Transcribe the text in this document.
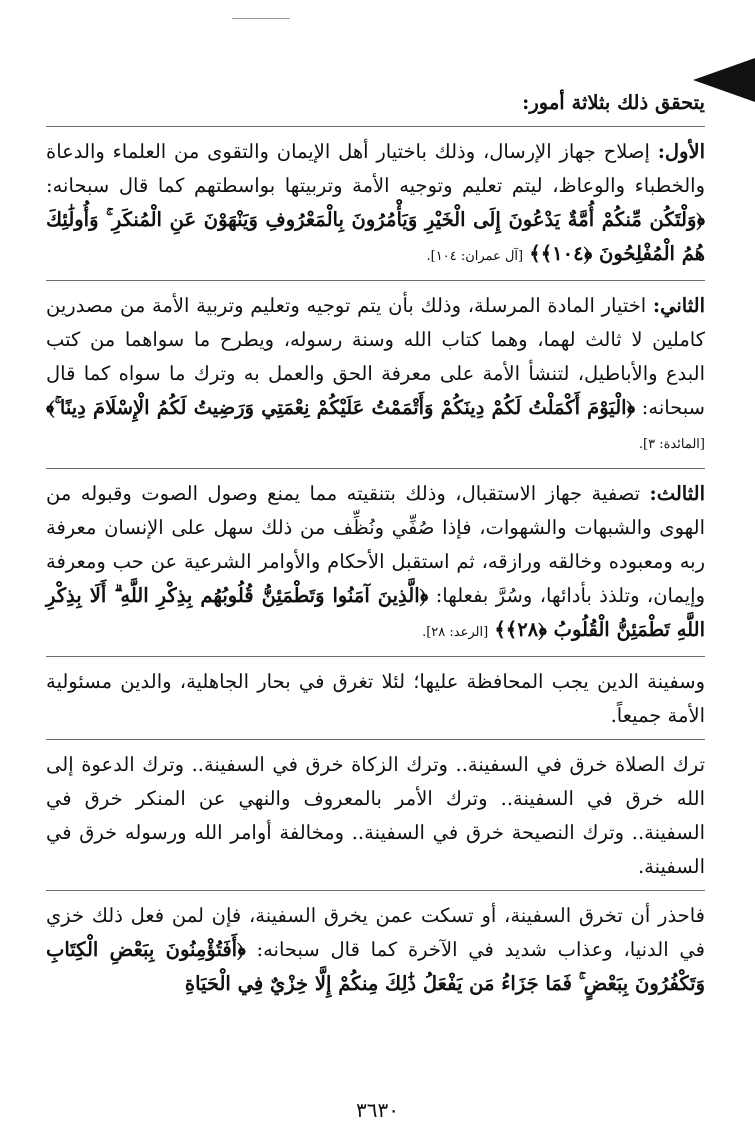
يتحقق ذلك بثلاثة أمور:

الأول: إصلاح جهاز الإرسال، وذلك باختيار أهل الإيمان والتقوى من العلماء والدعاة والخطباء والوعاظ، ليتم تعليم وتوجيه الأمة وتربيتها بواسطتهم كما قال سبحانه: ﴿وَلْتَكُن مِّنكُمْ أُمَّةٌ يَدْعُونَ إِلَى الْخَيْرِ وَيَأْمُرُونَ بِالْمَعْرُوفِ وَيَنْهَوْنَ عَنِ الْمُنكَرِ ۚ وَأُولَٰئِكَ هُمُ الْمُفْلِحُونَ ﴿١٠٤﴾﴾ [آل عمران: ١٠٤].

الثاني: اختيار المادة المرسلة، وذلك بأن يتم توجيه وتعليم وتربية الأمة من مصدرين كاملين لا ثالث لهما، وهما كتاب الله وسنة رسوله، ويطرح ما سواهما من كتب البدع والأباطيل، لتنشأ الأمة على معرفة الحق والعمل به وترك ما سواه كما قال سبحانه: ﴿الْيَوْمَ أَكْمَلْتُ لَكُمْ دِينَكُمْ وَأَتْمَمْتُ عَلَيْكُمْ نِعْمَتِي وَرَضِيتُ لَكُمُ الْإِسْلَامَ دِينًا ۚ﴾ [المائدة: ٣].

الثالث: تصفية جهاز الاستقبال، وذلك بتنقيته مما يمنع وصول الصوت وقبوله من الهوى والشبهات والشهوات، فإذا صُفِّي ونُظِّف من ذلك سهل على الإنسان معرفة ربه ومعبوده وخالقه ورازقه، ثم استقبل الأحكام والأوامر الشرعية عن حب ومعرفة وإيمان، وتلذذ بأدائها، وسُرَّ بفعلها: ﴿الَّذِينَ آمَنُوا وَتَطْمَئِنُّ قُلُوبُهُم بِذِكْرِ اللَّهِ ۗ أَلَا بِذِكْرِ اللَّهِ تَطْمَئِنُّ الْقُلُوبُ ﴿٢٨﴾﴾ [الرعد: ٢٨].

وسفينة الدين يجب المحافظة عليها؛ لئلا تغرق في بحار الجاهلية، والدين مسئولية الأمة جميعاً.

ترك الصلاة خرق في السفينة.. وترك الزكاة خرق في السفينة.. وترك الدعوة إلى الله خرق في السفينة.. وترك الأمر بالمعروف والنهي عن المنكر خرق في السفينة.. وترك النصيحة خرق في السفينة.. ومخالفة أوامر الله ورسوله خرق في السفينة.

فاحذر أن تخرق السفينة، أو تسكت عمن يخرق السفينة، فإن لمن فعل ذلك خزي في الدنيا، وعذاب شديد في الآخرة كما قال سبحانه: ﴿أَفَتُؤْمِنُونَ بِبَعْضِ الْكِتَابِ وَتَكْفُرُونَ بِبَعْضٍ ۚ فَمَا جَزَاءُ مَن يَفْعَلُ ذَٰلِكَ مِنكُمْ إِلَّا خِزْيٌ فِي الْحَيَاةِ

٣٦٣٠
